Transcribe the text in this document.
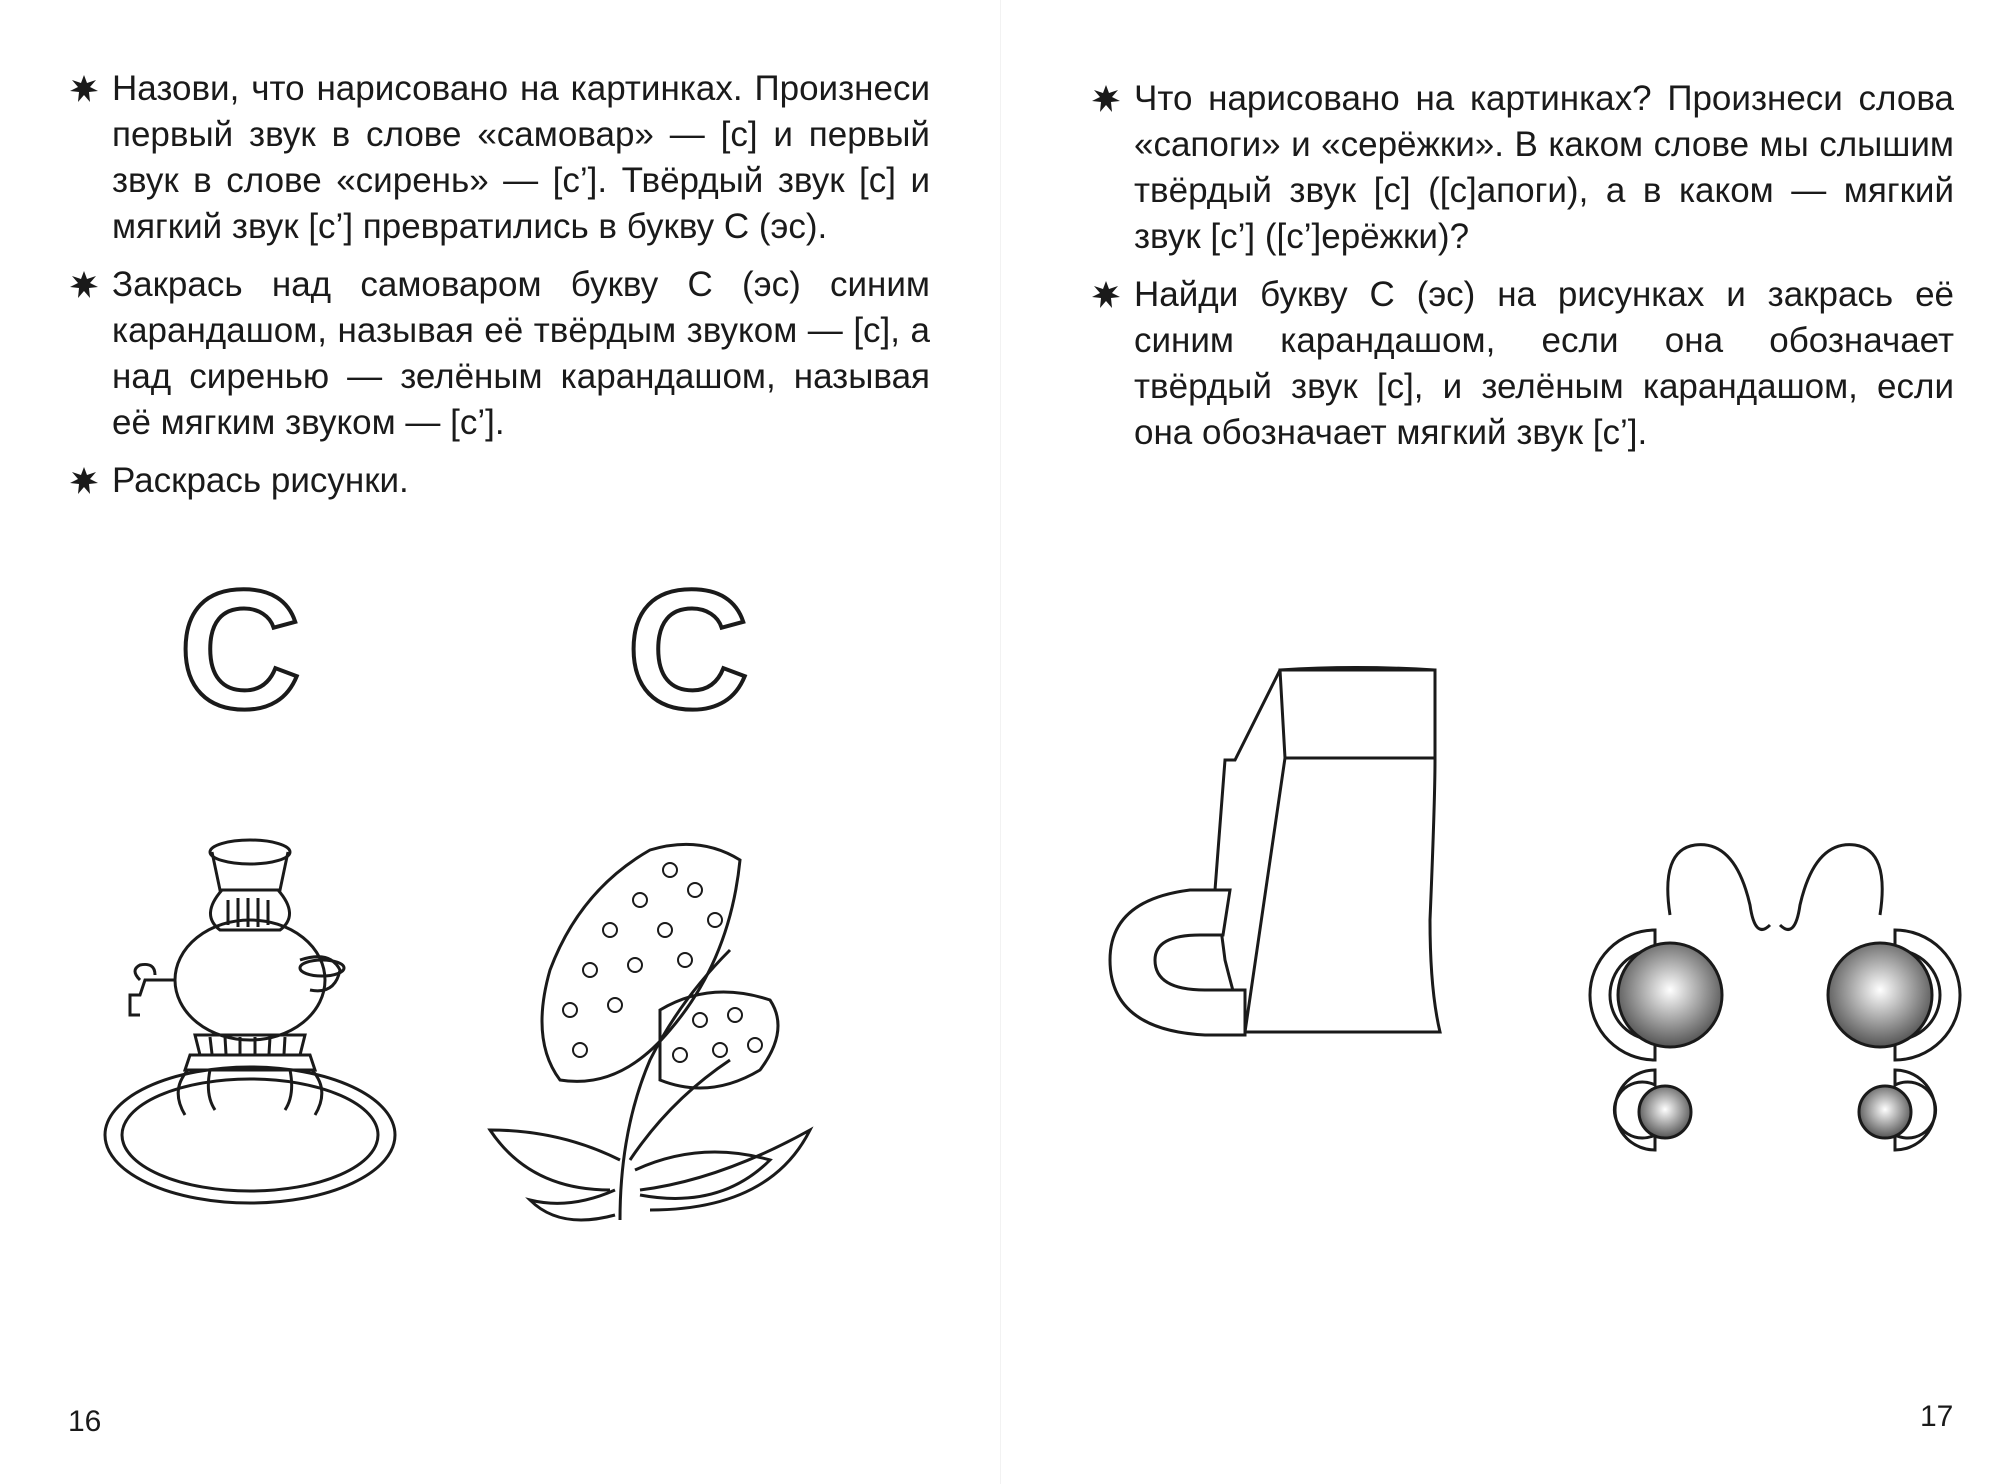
Назови, что нарисовано на картинках. Произнеси первый звук в слове «самовар» — [с] и первый звук в слове «сирень» — [с’]. Твёрдый звук [с] и мягкий звук [с’] превратились в букву С (эс).
Закрась над самоваром букву С (эс) синим карандашом, называя её твёрдым звуком — [с], а над сиренью — зелёным карандашом, называя её мягким звуком — [с’].
Раскрась рисунки.
С С
16
Что нарисовано на картинках? Произнеси слова «сапоги» и «серёжки». В каком слове мы слышим твёрдый звук [с] ([с]апоги), а в каком — мягкий звук [с’] ([с’]ерёжки)?
Найди букву С (эс) на рисунках и закрась её синим карандашом, если она обозначает твёрдый звук [с], и зелёным карандашом, если она обозначает мягкий звук [с’].
17
